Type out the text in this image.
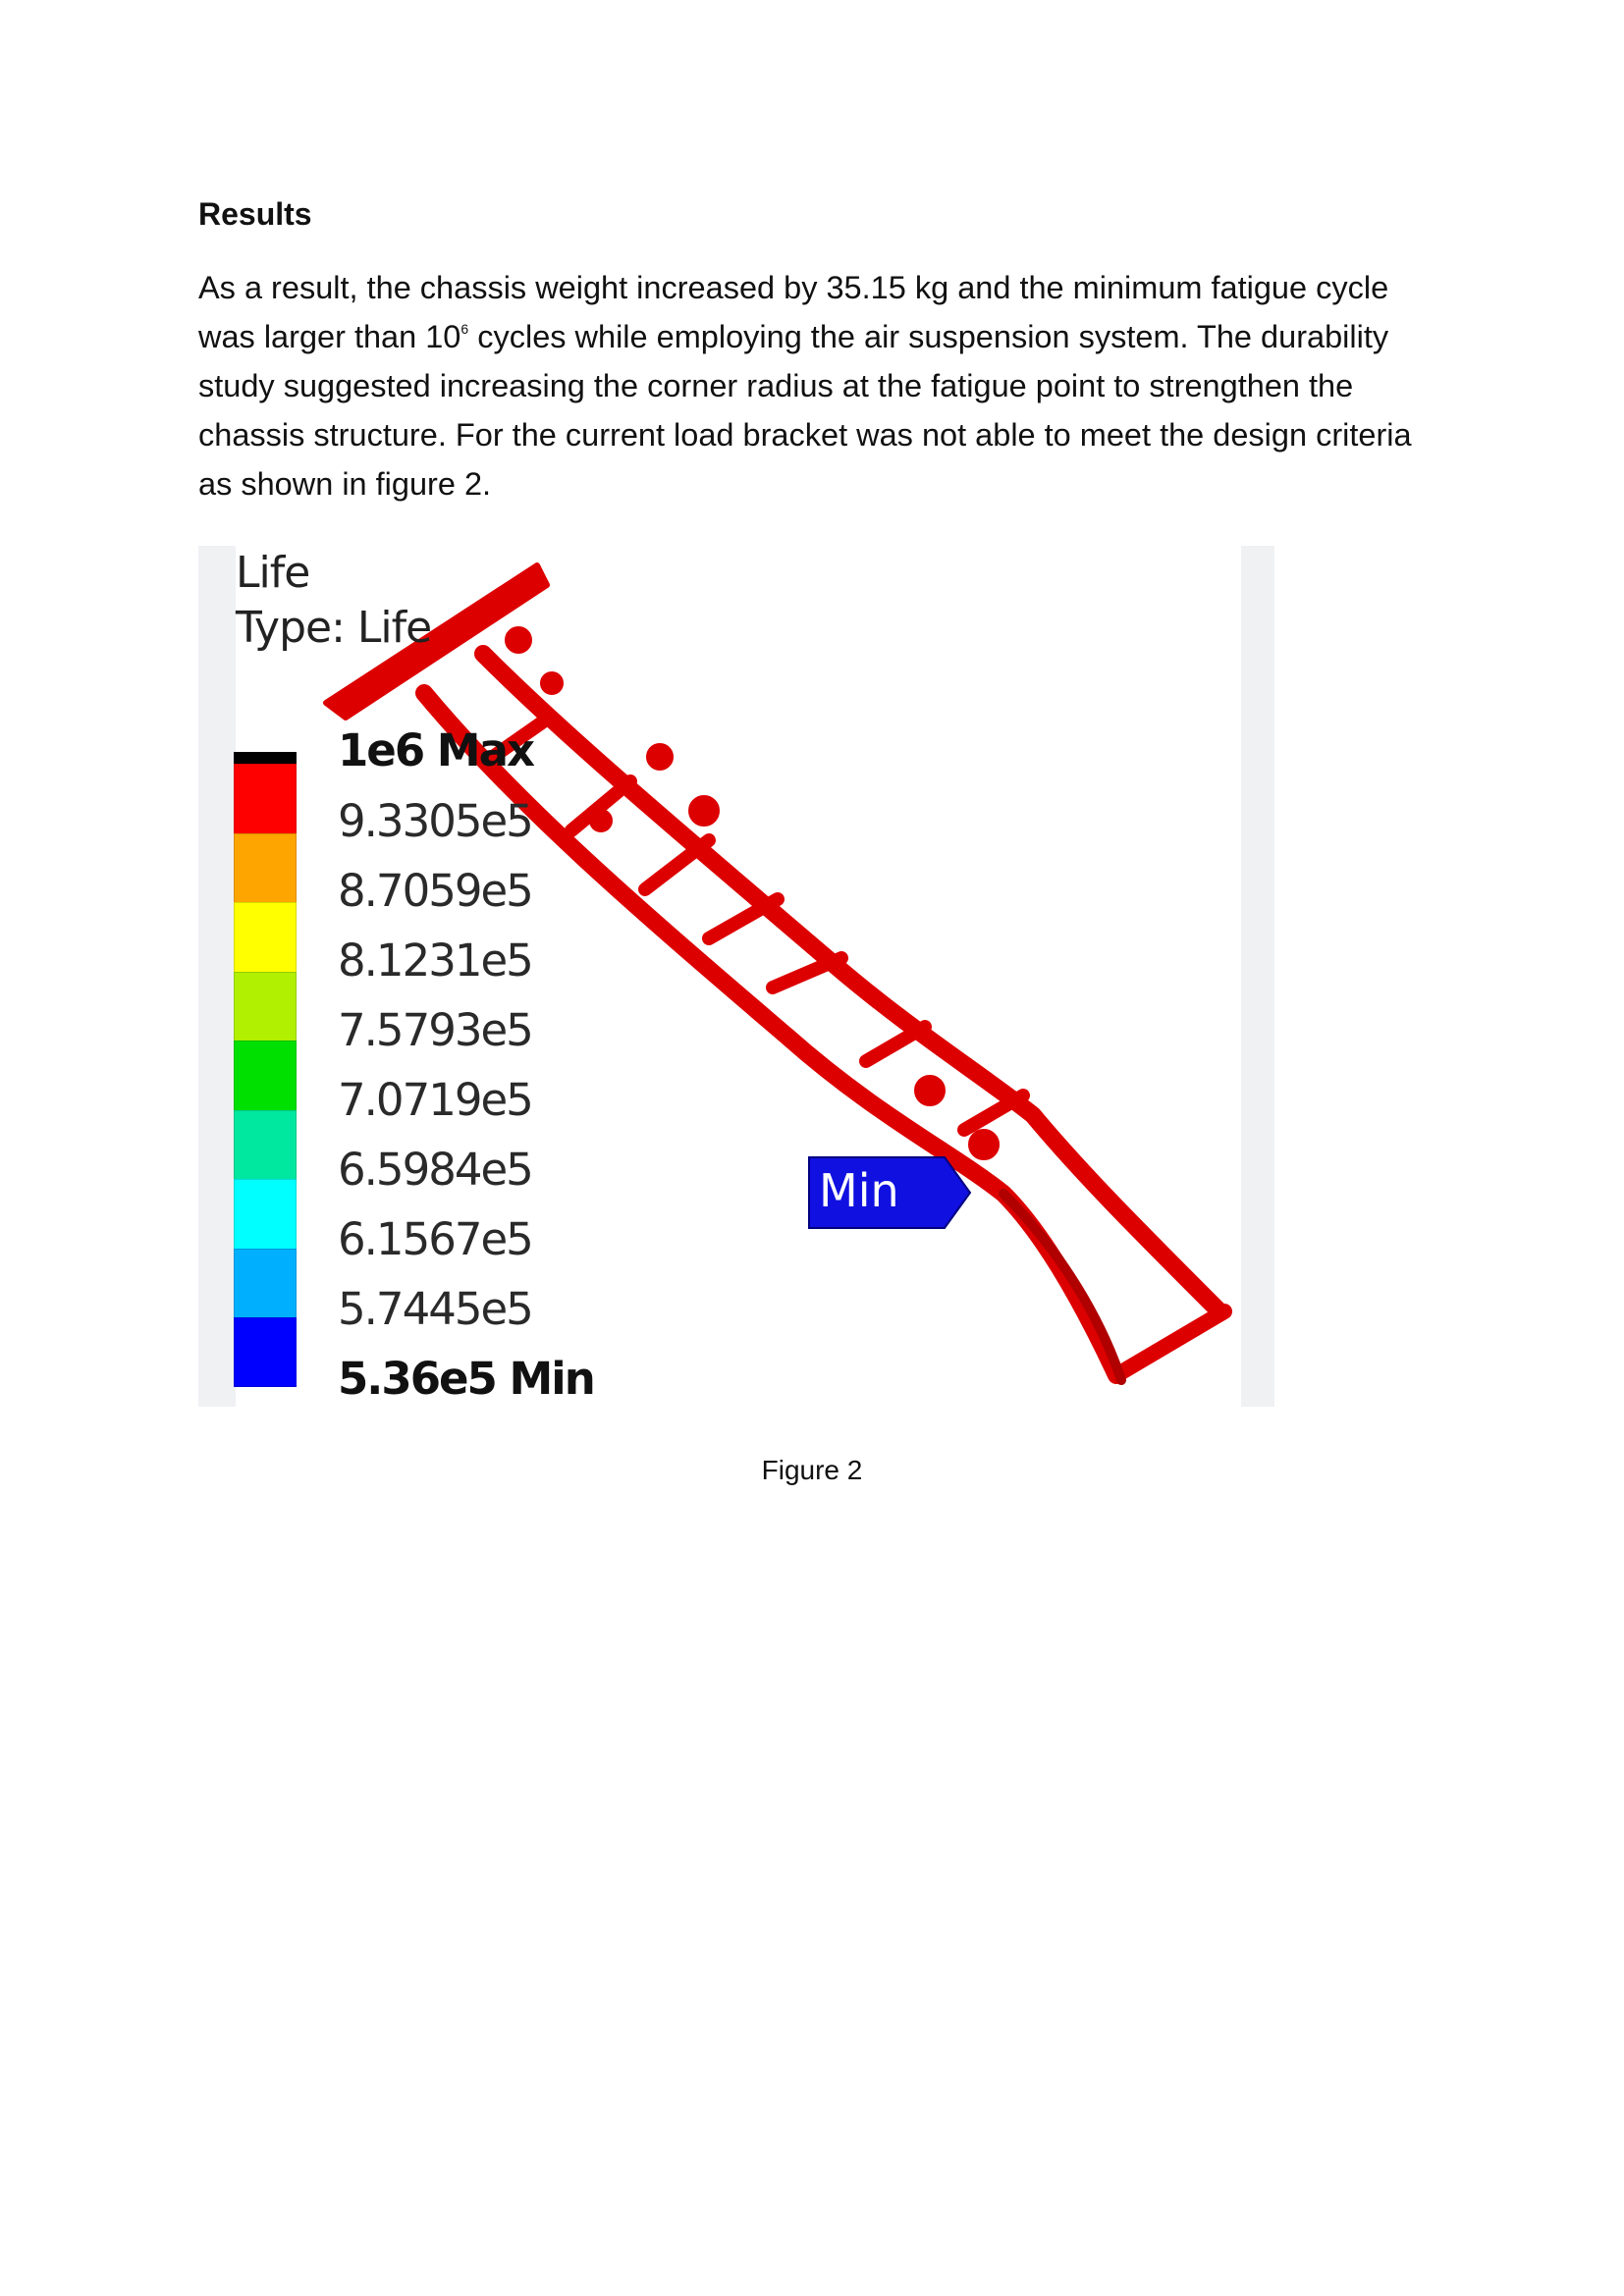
Results

As a result, the chassis weight increased by 35.15 kg and the minimum fatigue cycle was larger than $10^6$ cycles while employing the air suspension system. The durability study suggested increasing the corner radius at the fatigue point to strengthen the chassis structure. For the current load bracket was not able to meet the design criteria as shown in figure 2.

Life
Type: Life
1e6 Max
9.3305e5
8.7059e5
8.1231e5
7.5793e5
7.0719e5
6.5984e5
6.1567e5
5.7445e5
5.36e5 Min
Min

Figure 2
